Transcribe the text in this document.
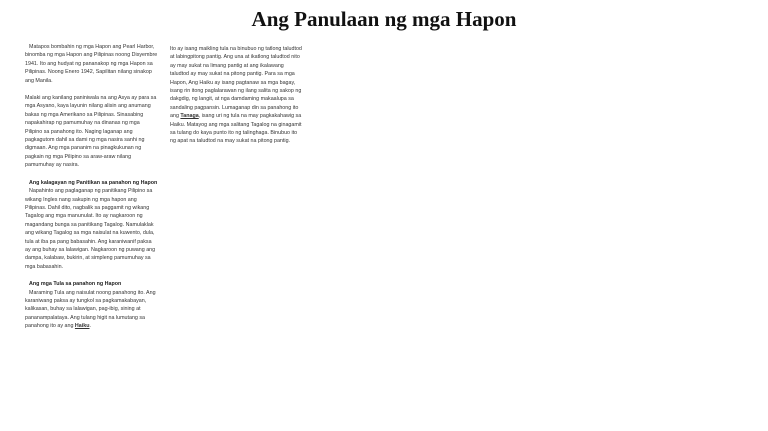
Ang Panulaan ng mga Hapon

Matapos bombahin ng mga Hapon ang Pearl Harbor, binomba ng mga Hapon ang Pilipinas noong Disyembre 1941. Ito ang hudyat ng pananakop ng mga Hapon sa Pilipinas. Noong Enero 1942, Sapilitan nilang sinakop ang Manila.

Malaki ang kanilang paniniwala na ang Asya ay para sa mga Asyano, kaya layunin nilang alisin ang anumang bakas ng mga Amerikano sa Pilipinas. Sinasabing napakahirap ng pamumuhay na dinanas ng mga Pilipino sa panahong ito. Naging laganap ang pagkagutom dahil sa dami ng mga nasira sanhi ng digmaan. Ang mga pananim na pinagkukunan ng pagkain ng mga Pilipino sa araw-araw nilang pamumuhay ay nasira.

Ang kalagayan ng Panitikan sa panahon ng Hapon

Napahinto ang paglaganap ng panitikang Pilipino sa wikang Ingles nang sakupin ng mga hapon ang Pilipinas. Dahil dito, nagbalik sa paggamit ng wikang Tagalog ang mga manunulat. Ito ay nagkaroon ng magandang bunga sa panitikang Tagalog. Namulaklak ang wikang Tagalog sa mga naisulat na kuwento, dula, tula at iba pa pang babasahin. Ang karaniwanif paksa ay ang buhay sa lalawigan. Nagkaroon ng puwang ang dampa, kalabaw, bukirin, at simpleng pamumuhay sa mga babasahin.

Ang mga Tula sa panahon ng Hapon

Maraming Tula ang naisulat noong panahong ito. Ang karaniwang paksa ay tungkol sa pagkamakabayan, kalikasan, buhay sa lalawigan, pag-ibig, sining at pananampalataya. Ang tulang higit na lumutang sa panahong ito ay ang Haiku.

Ito ay isang maikling tula na binubuo ng tatlong taludtod at labingpitong pantig. Ang una at ikatlong taludtod nito ay may sukat na limang pantig at ang ikalawang taludtod ay may sukat na pitong pantig. Para sa mga Hapon, Ang Haiku ay isang pagtanaw sa mga bagay, isang rin itong paglalarawan ng ilang salita ng sakop ng dakgdig, ng langit, at nga damdaming makaalupa sa sandaling pagpansin. Lumaganap din sa panahong ito ang Tanaga, isang uri ng tula na may pagkakahawig sa Haiku. Matayog ang mga salitang Tagalog na ginagamit sa tulang do kaya punto ito ng talinghaga. Binubuo ito ng apat na taludtod na may sukat na pitong pantig.
